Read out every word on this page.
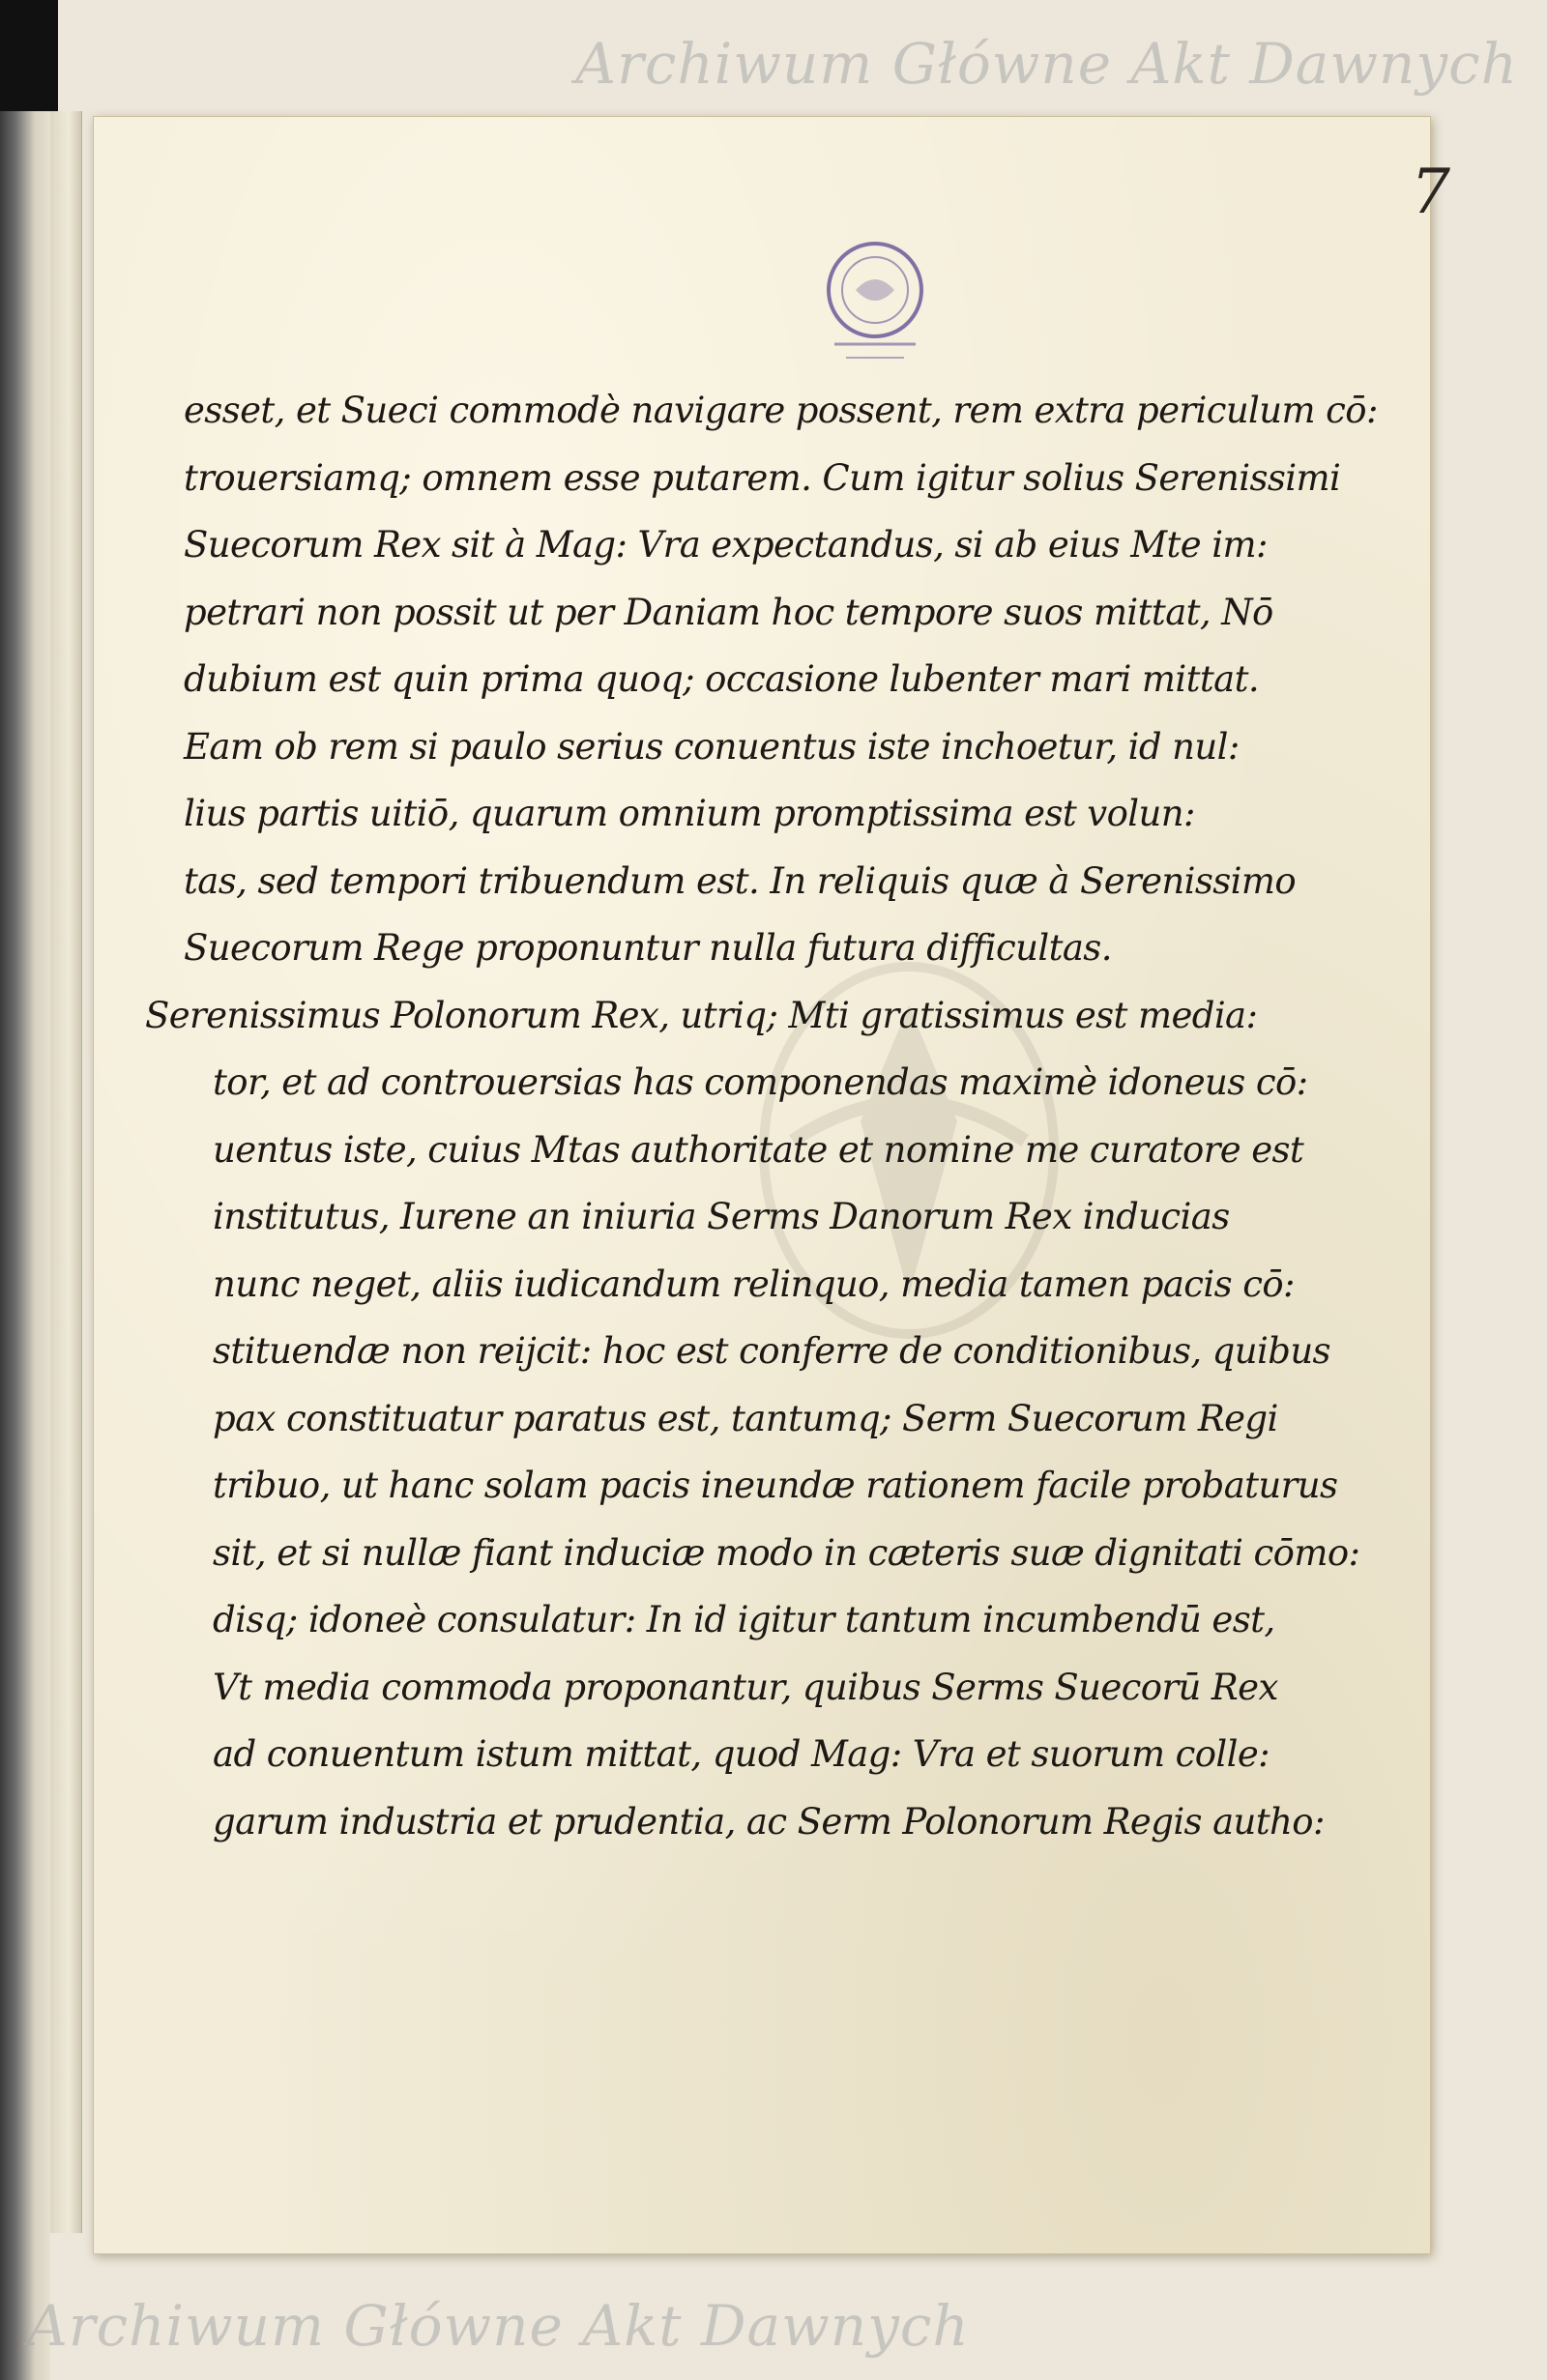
Archiwum Główne Akt Dawnych
Archiwum Główne Akt Dawnych
7
esset, et Sueci commodè navigare possent, rem extra periculum cō:
trouersiamq; omnem esse putarem. Cum igitur solius Serenissimi
Suecorum Rex sit à Mag: Vra expectandus, si ab eius Mte im:
petrari non possit ut per Daniam hoc tempore suos mittat, Nō
dubium est quin prima quoq; occasione lubenter mari mittat.
Eam ob rem si paulo serius conuentus iste inchoetur, id nul:
lius partis uitiō, quarum omnium promptissima est volun:
tas, sed tempori tribuendum est. In reliquis quæ à Serenissimo
Suecorum Rege proponuntur nulla futura difficultas.
Serenissimus Polonorum Rex, utriq; Mti gratissimus est media:
tor, et ad controuersias has componendas maximè idoneus cō:
uentus iste, cuius Mtas authoritate et nomine me curatore est
institutus, Iurene an iniuria Serms Danorum Rex inducias
nunc neget, aliis iudicandum relinquo, media tamen pacis cō:
stituendæ non reijcit: hoc est conferre de conditionibus, quibus
pax constituatur paratus est, tantumq; Serm Suecorum Regi
tribuo, ut hanc solam pacis ineundæ rationem facile probaturus
sit, et si nullæ fiant induciæ modo in cæteris suæ dignitati cōmo:
disq; idoneè consulatur: In id igitur tantum incumbendū est,
Vt media commoda proponantur, quibus Serms Suecorū Rex
ad conuentum istum mittat, quod Mag: Vra et suorum colle:
garum industria et prudentia, ac Serm Polonorum Regis autho:
